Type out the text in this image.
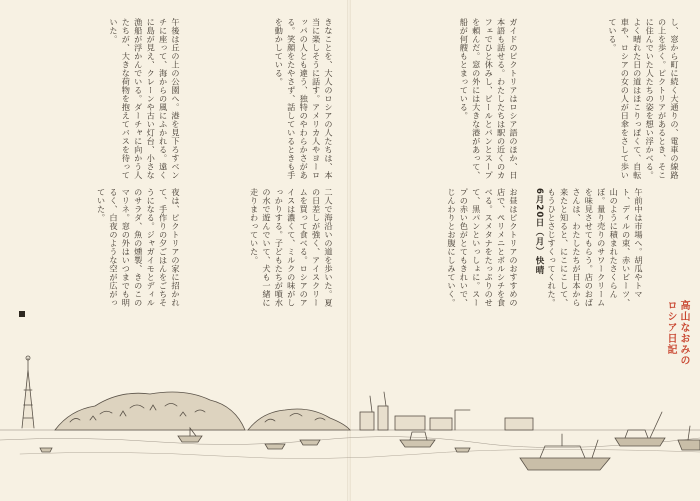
高山なおみの
ロシア日記
し、窓から町に続く大通りの、電車の線路の上を歩く。ピクトリアがあるとき、そこに住んでいた人たちの姿を想い浮かべる。よく晴れた日の道はほこりっぽくて、自転車や、ロシアの女の人が日傘をさして歩いている。
ガイドのピクトリアはロシア語のほか、日本語も話せる。わたしたちは駅の近くのカフェでひと休みし、ビールとパンとスープを頼んだ。窓の外には大きな港があって、船が何艘もとまっている。
6月20日（月）快晴	午前中は市場へ。胡瓜やトマト、ディルの束、赤いビーツ、山のように積まれたさくらんぼ。量り売りのサワークリームを味見させてもらう。店のおばさんは、わたしたちが日本から来たと知ると、にこにこして、もうひとさじすくってくれた。
お昼はピクトリアのおすすめの店で、ペリメニとボルシチを食べる。スメタナをたっぷりのせて、黒パンといっしょに。スープの赤い色がとてもきれいで、じんわりとお腹にしみていく。
きなことを、大人のロシアの人たちは、本当に楽しそうに話す。アメリカ人やヨーロッパの人とも違う、独特のやわらかさがある。笑顔をたやさず、話しているときも手を動かしている。
午後は丘の上の公園へ。港を見下ろすベンチに座って、海からの風にふかれる。遠くに島が見え、クレーンや古い灯台、小さな漁船が浮かんでいる。ダーチャに向かう人たちが、大きな荷物を抱えてバスを待っていた。
二人で海沿いの道を歩いた。夏の日差しが強く、アイスクリームを買って食べる。ロシアのアイスは濃くて、ミルクの味がしっかりする。子どもたちが噴水の水で遊んでいて、犬も一緒に走りまわっていた。
夜は、ピクトリアの家に招かれて、手作りの夕ごはんをごちそうになる。ジャガイモとディルのサラダ、魚の燻製、きのこのマリネ。窓の外はいつまでも明るく、白夜のような空が広がっていた。
